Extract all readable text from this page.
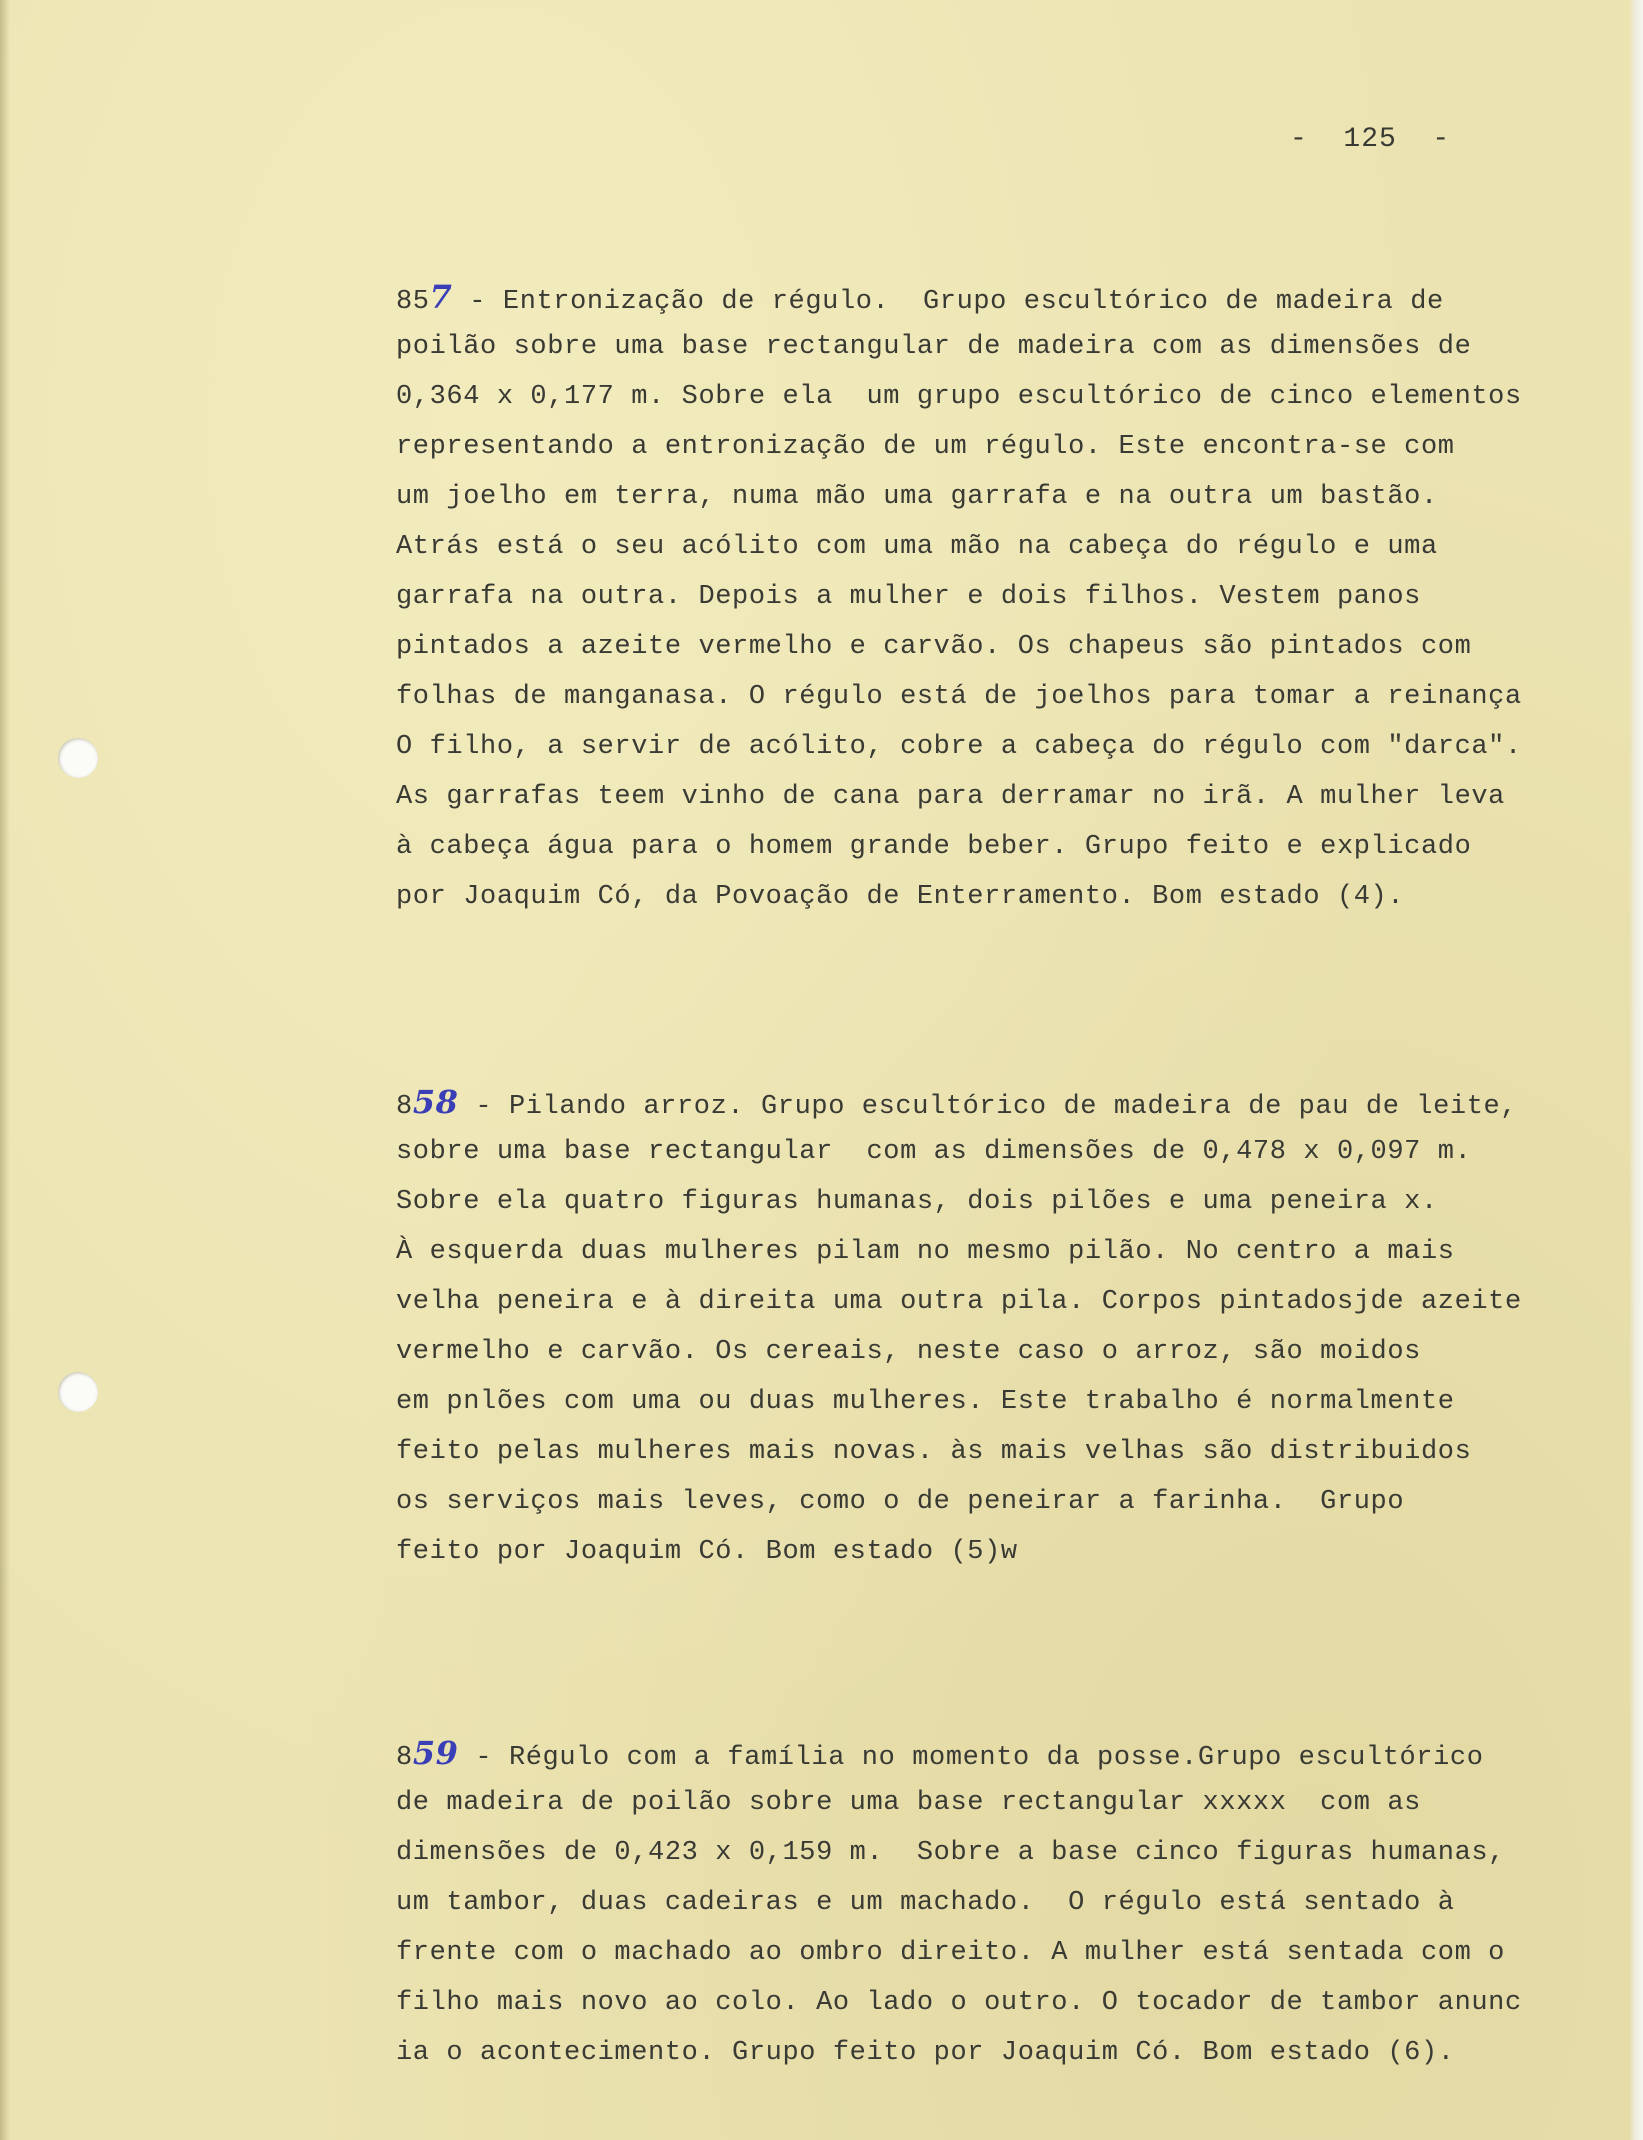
-  125  -
857 - Entronização de régulo.  Grupo escultórico de madeira de
poilão sobre uma base rectangular de madeira com as dimensões de
0,364 x 0,177 m. Sobre ela  um grupo escultórico de cinco elementos
representando a entronização de um régulo. Este encontra-se com
um joelho em terra, numa mão uma garrafa e na outra um bastão.
Atrás está o seu acólito com uma mão na cabeça do régulo e uma
garrafa na outra. Depois a mulher e dois filhos. Vestem panos
pintados a azeite vermelho e carvão. Os chapeus são pintados com
folhas de manganasa. O régulo está de joelhos para tomar a reinança
O filho, a servir de acólito, cobre a cabeça do régulo com "darca".
As garrafas teem vinho de cana para derramar no irã. A mulher leva
à cabeça água para o homem grande beber. Grupo feito e explicado
por Joaquim Có, da Povoação de Enterramento. Bom estado (4).
858 - Pilando arroz. Grupo escultórico de madeira de pau de leite,
sobre uma base rectangular  com as dimensões de 0,478 x 0,097 m.
Sobre ela quatro figuras humanas, dois pilões e uma peneira x.
À esquerda duas mulheres pilam no mesmo pilão. No centro a mais
velha peneira e à direita uma outra pila. Corpos pintadosjde azeite
vermelho e carvão. Os cereais, neste caso o arroz, são moidos
em pnlões com uma ou duas mulheres. Este trabalho é normalmente
feito pelas mulheres mais novas. às mais velhas são distribuidos
os serviços mais leves, como o de peneirar a farinha.  Grupo
feito por Joaquim Có. Bom estado (5)w
859 - Régulo com a família no momento da posse.Grupo escultórico
de madeira de poilão sobre uma base rectangular xxxxx  com as
dimensões de 0,423 x 0,159 m.  Sobre a base cinco figuras humanas,
um tambor, duas cadeiras e um machado.  O régulo está sentado à
frente com o machado ao ombro direito. A mulher está sentada com o
filho mais novo ao colo. Ao lado o outro. O tocador de tambor anunc
ia o acontecimento. Grupo feito por Joaquim Có. Bom estado (6).
